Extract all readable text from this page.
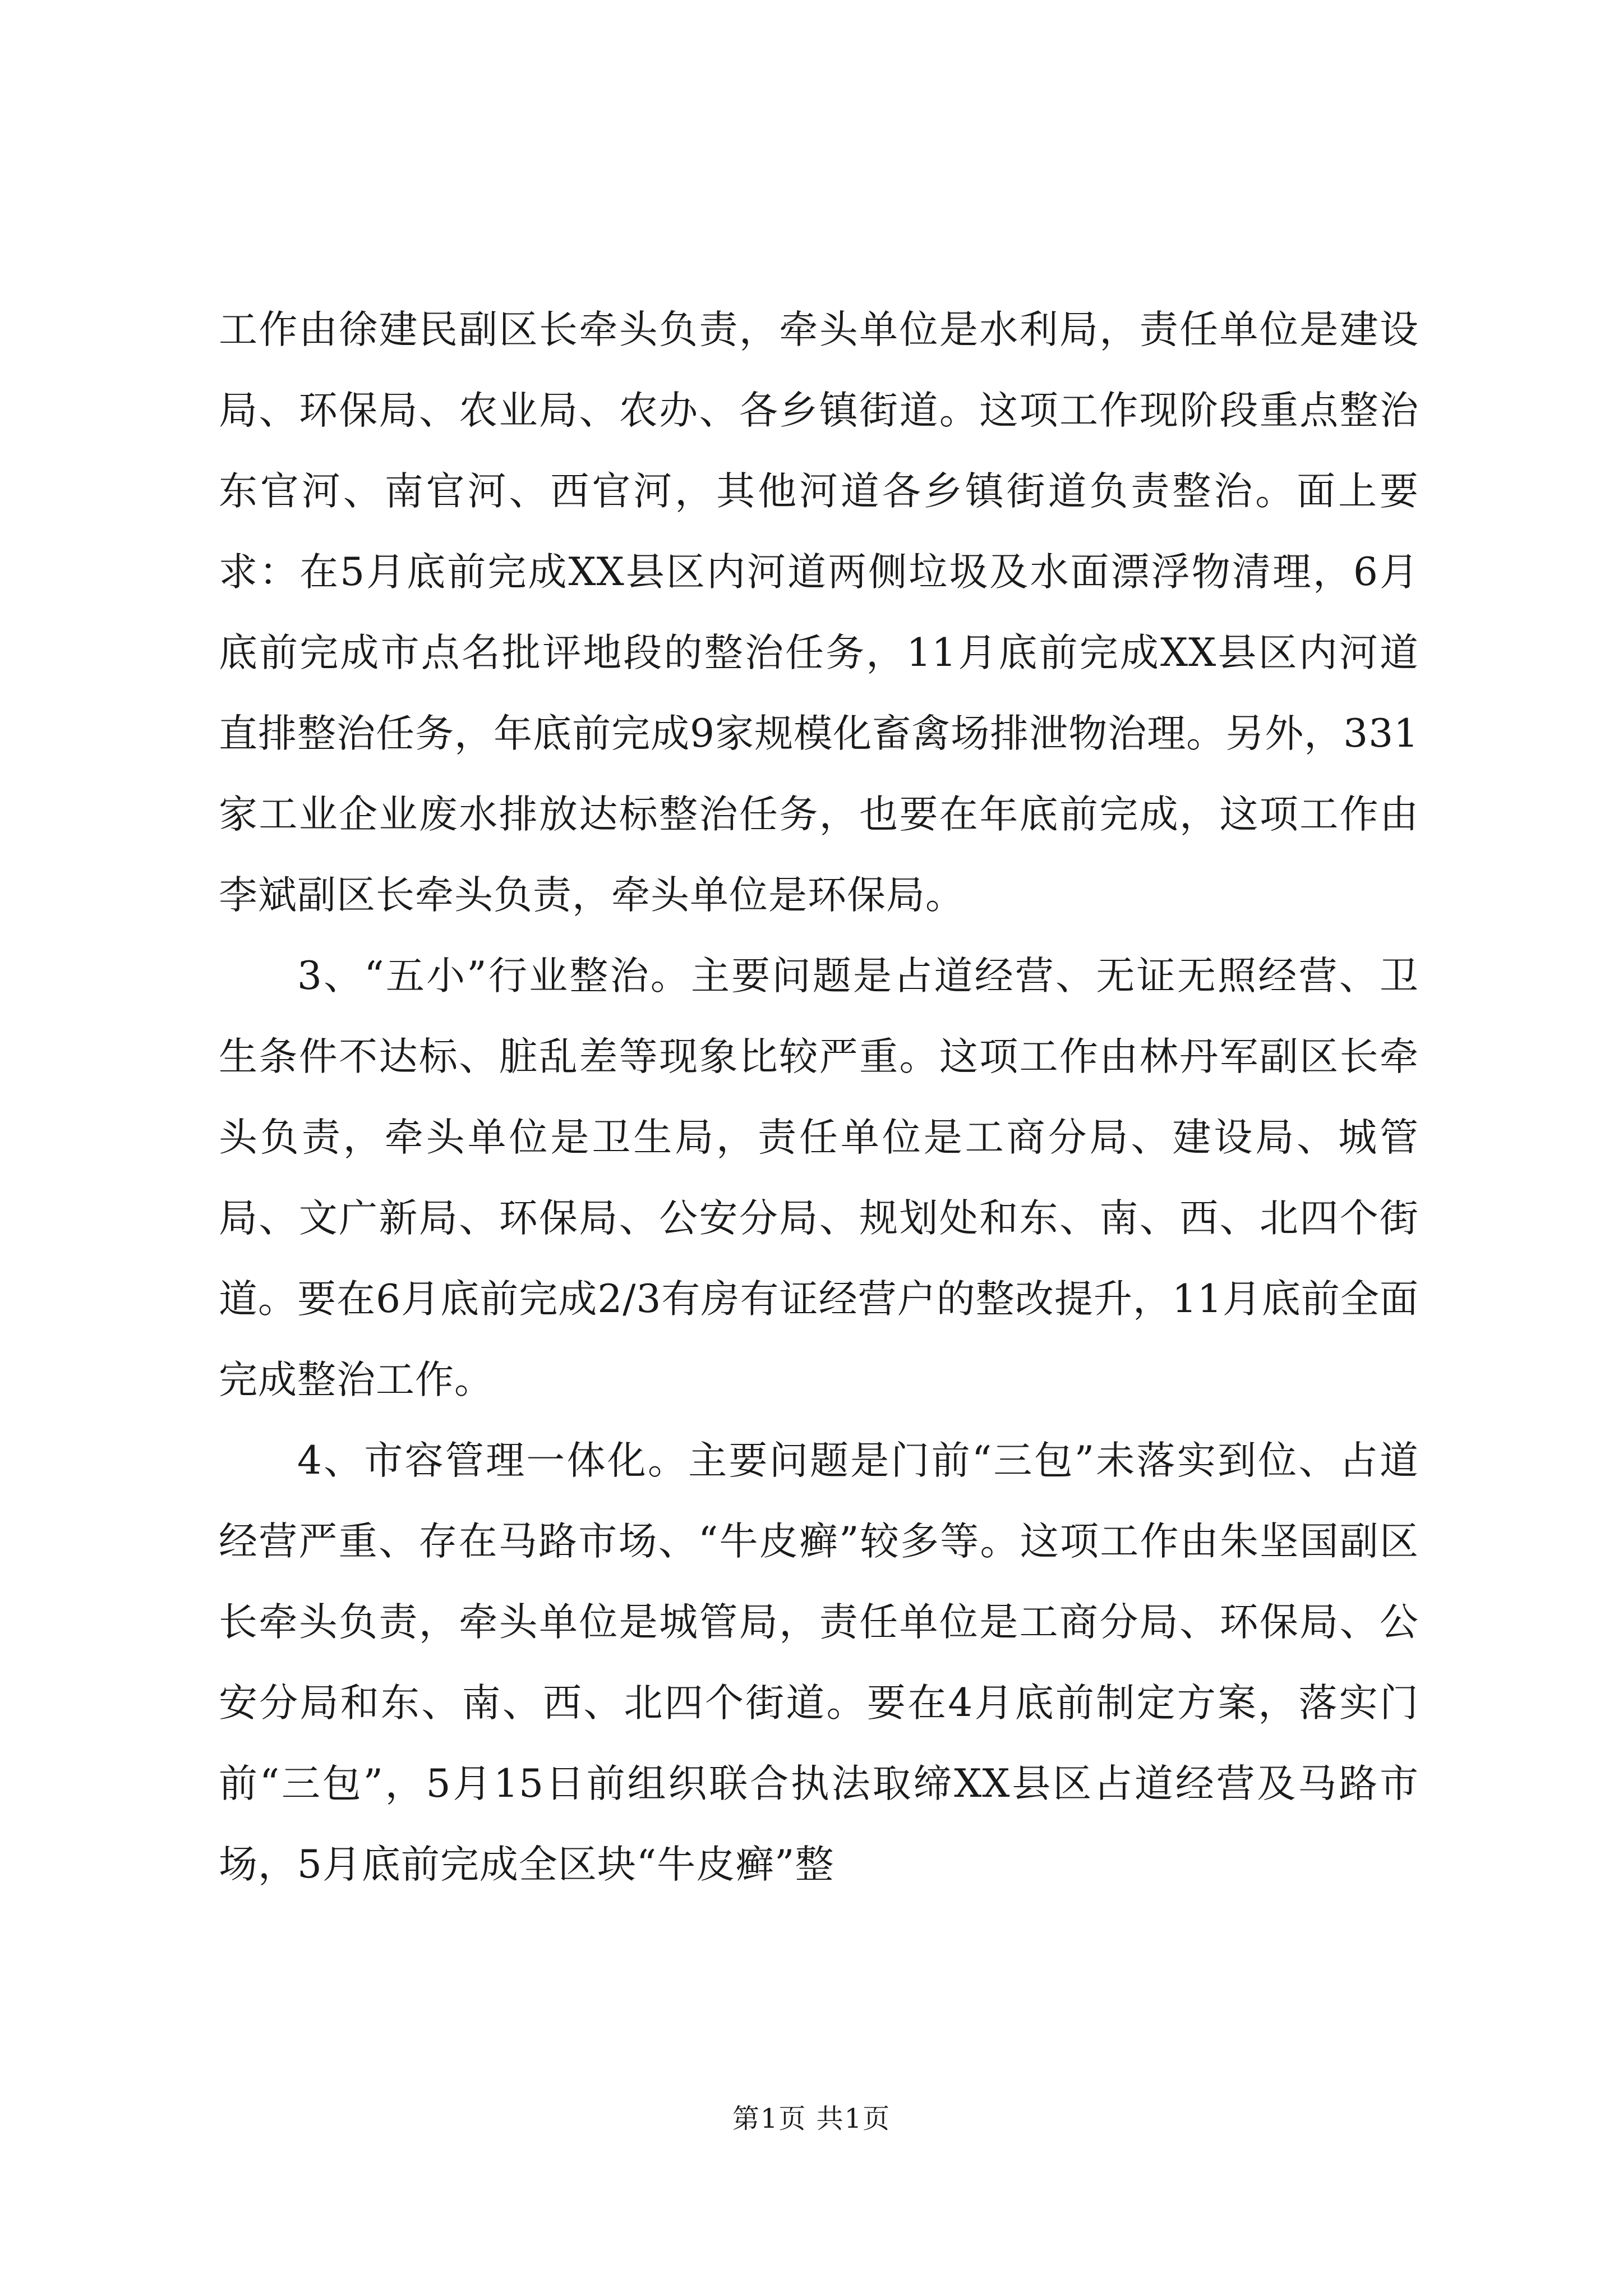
工作由徐建民副区长牵头负责，牵头单位是水利局，责任单位是建设局、环保局、农业局、农办、各乡镇街道。这项工作现阶段重点整治东官河、南官河、西官河，其他河道各乡镇街道负责整治。面上要求：在5月底前完成XX县区内河道两侧垃圾及水面漂浮物清理，6月底前完成市点名批评地段的整治任务，11月底前完成XX县区内河道直排整治任务，年底前完成9家规模化畜禽场排泄物治理。另外，331家工业企业废水排放达标整治任务，也要在年底前完成，这项工作由李斌副区长牵头负责，牵头单位是环保局。

3、“五小”行业整治。主要问题是占道经营、无证无照经营、卫生条件不达标、脏乱差等现象比较严重。这项工作由林丹军副区长牵头负责，牵头单位是卫生局，责任单位是工商分局、建设局、城管局、文广新局、环保局、公安分局、规划处和东、南、西、北四个街道。要在6月底前完成2/3有房有证经营户的整改提升，11月底前全面完成整治工作。

4、市容管理一体化。主要问题是门前“三包”未落实到位、占道经营严重、存在马路市场、“牛皮癣”较多等。这项工作由朱坚国副区长牵头负责，牵头单位是城管局，责任单位是工商分局、环保局、公安分局和东、南、西、北四个街道。要在4月底前制定方案，落实门前“三包”，5月15日前组织联合执法取缔XX县区占道经营及马路市场，5月底前完成全区块“牛皮癣”整

第1页 共1页
